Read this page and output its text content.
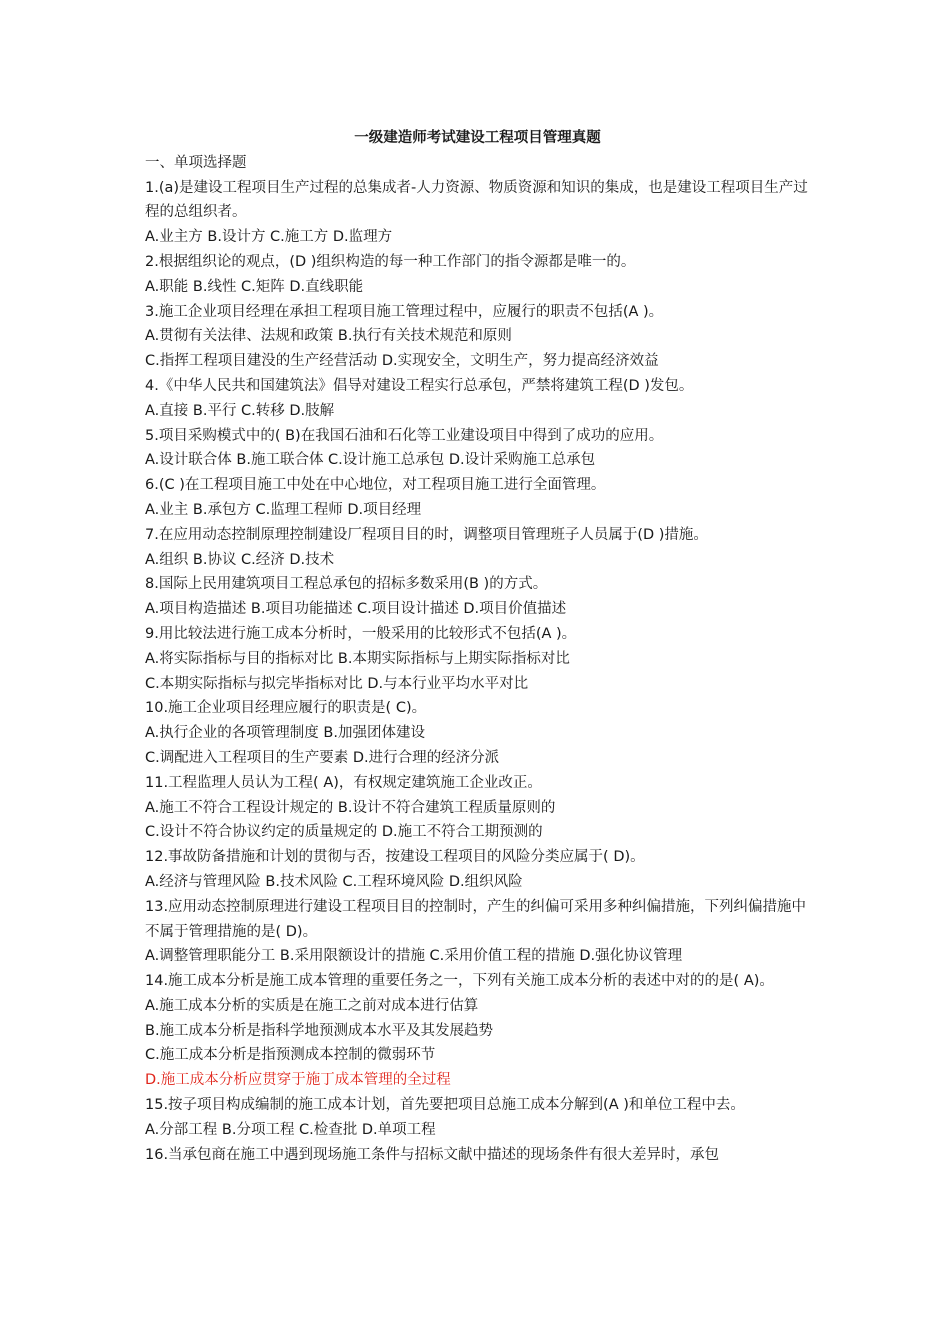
一级建造师考试建设工程项目管理真题

一、单项选择题

1.(a)是建设工程项目生产过程的总集成者-人力资源、物质资源和知识的集成，也是建设工程项目生产过程的总组织者。

A.业主方 B.设计方 C.施工方 D.监理方

2.根据组织论的观点，(D )组织构造的每一种工作部门的指令源都是唯一的。

A.职能 B.线性 C.矩阵 D.直线职能

3.施工企业项目经理在承担工程项目施工管理过程中，应履行的职责不包括(A )。

A.贯彻有关法律、法规和政策 B.执行有关技术规范和原则

C.指挥工程项目建没的生产经营活动 D.实现安全，文明生产，努力提高经济效益

4.《中华人民共和国建筑法》倡导对建设工程实行总承包，严禁将建筑工程(D )发包。

A.直接 B.平行 C.转移 D.肢解

5.项目采购模式中的( B)在我国石油和石化等工业建设项目中得到了成功的应用。

A.设计联合体 B.施工联合体 C.设计施工总承包 D.设计采购施工总承包

6.(C )在工程项目施工中处在中心地位，对工程项目施工进行全面管理。

A.业主 B.承包方 C.监理工程师 D.项目经理

7.在应用动态控制原理控制建设厂程项目目的时，调整项目管理班子人员属于(D )措施。

A.组织 B.协议 C.经济 D.技术

8.国际上民用建筑项目工程总承包的招标多数采用(B )的方式。

A.项目构造描述 B.项目功能描述 C.项目设计描述 D.项目价值描述

9.用比较法进行施工成本分析时，一般采用的比较形式不包括(A )。

A.将实际指标与目的指标对比 B.本期实际指标与上期实际指标对比

C.本期实际指标与拟完毕指标对比 D.与本行业平均水平对比

10.施工企业项目经理应履行的职责是( C)。

A.执行企业的各项管理制度 B.加强团体建设

C.调配进入工程项目的生产要素 D.进行合理的经济分派

11.工程监理人员认为工程( A)，有权规定建筑施工企业改正。

A.施工不符合工程设计规定的 B.设计不符合建筑工程质量原则的

C.设计不符合协议约定的质量规定的 D.施工不符合工期预测的

12.事故防备措施和计划的贯彻与否，按建设工程项目的风险分类应属于( D)。

A.经济与管理风险 B.技术风险 C.工程环境风险 D.组织风险

13.应用动态控制原理进行建设工程项目目的控制时，产生的纠偏可采用多种纠偏措施，下列纠偏措施中不属于管理措施的是( D)。

A.调整管理职能分工 B.采用限额设计的措施 C.采用价值工程的措施 D.强化协议管理

14.施工成本分析是施工成本管理的重要任务之一，下列有关施工成本分析的表述中对的的是( A)。

A.施工成本分析的实质是在施工之前对成本进行估算

B.施工成本分析是指科学地预测成本水平及其发展趋势

C.施工成本分析是指预测成本控制的微弱环节

D.施工成本分析应贯穿于施丁成本管理的全过程

15.按子项目构成编制的施工成本计划，首先要把项目总施工成本分解到(A )和单位工程中去。

A.分部工程 B.分项工程 C.检查批 D.单项工程

16.当承包商在施工中遇到现场施工条件与招标文献中描述的现场条件有很大差异时，承包
